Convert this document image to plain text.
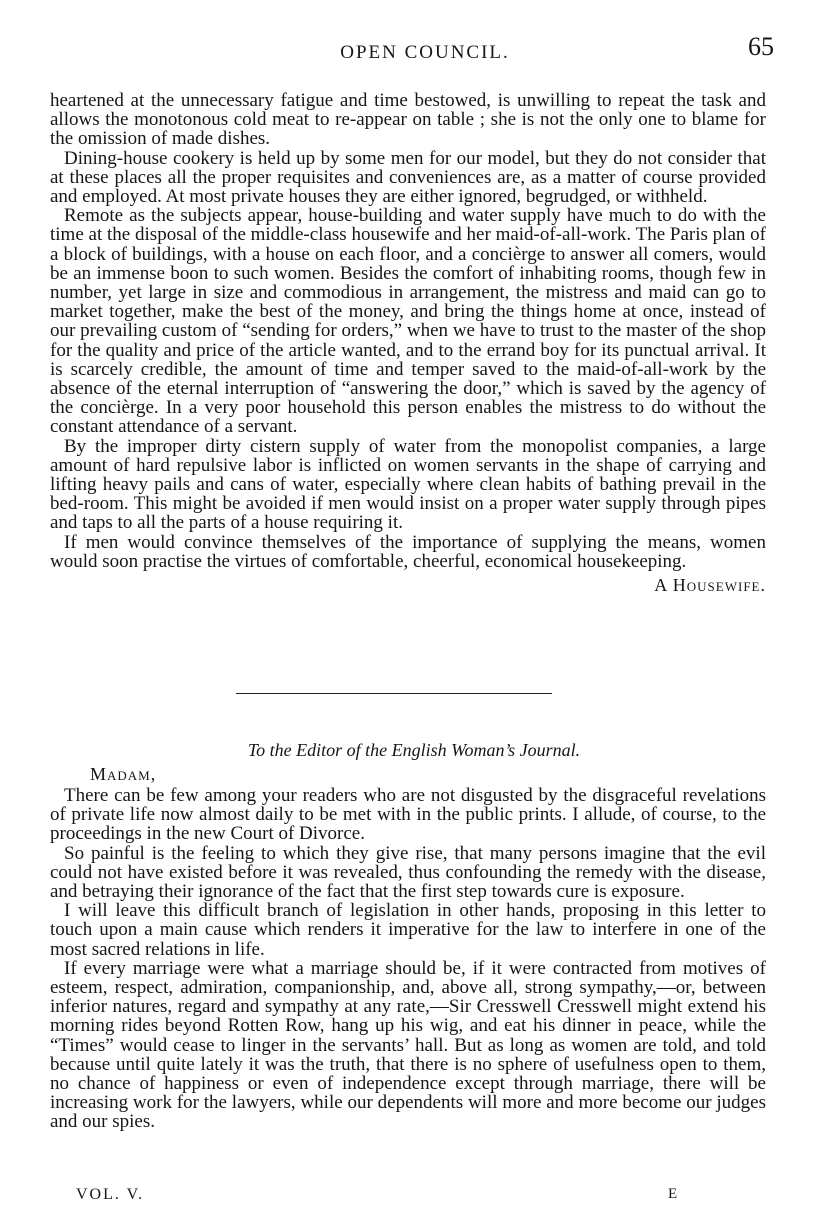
OPEN COUNCIL.	65

heartened at the unnecessary fatigue and time bestowed, is unwilling to repeat the task and allows the monotonous cold meat to re-appear on table ; she is not the only one to blame for the omission of made dishes.

Dining-house cookery is held up by some men for our model, but they do not consider that at these places all the proper requisites and conveniences are, as a matter of course provided and employed. At most private houses they are either ignored, begrudged, or withheld.

Remote as the subjects appear, house-building and water supply have much to do with the time at the disposal of the middle-class housewife and her maid-of-all-work. The Paris plan of a block of buildings, with a house on each floor, and a concièrge to answer all comers, would be an immense boon to such women. Besides the comfort of inhabiting rooms, though few in number, yet large in size and commodious in arrangement, the mistress and maid can go to market together, make the best of the money, and bring the things home at once, instead of our prevailing custom of “sending for orders,” when we have to trust to the master of the shop for the quality and price of the article wanted, and to the errand boy for its punctual arrival. It is scarcely credible, the amount of time and temper saved to the maid-of-all-work by the absence of the eternal interruption of “answering the door,” which is saved by the agency of the concièrge. In a very poor household this person enables the mistress to do without the constant attendance of a servant.

By the improper dirty cistern supply of water from the monopolist companies, a large amount of hard repulsive labor is inflicted on women servants in the shape of carrying and lifting heavy pails and cans of water, especially where clean habits of bathing prevail in the bed-room. This might be avoided if men would insist on a proper water supply through pipes and taps to all the parts of a house requiring it.

If men would convince themselves of the importance of supplying the means, women would soon practise the virtues of comfortable, cheerful, economical housekeeping.

A Housewife.

To the Editor of the English Woman’s Journal.
Madam,

There can be few among your readers who are not disgusted by the disgraceful revelations of private life now almost daily to be met with in the public prints. I allude, of course, to the proceedings in the new Court of Divorce.

So painful is the feeling to which they give rise, that many persons imagine that the evil could not have existed before it was revealed, thus confounding the remedy with the disease, and betraying their ignorance of the fact that the first step towards cure is exposure.

I will leave this difficult branch of legislation in other hands, proposing in this letter to touch upon a main cause which renders it imperative for the law to interfere in one of the most sacred relations in life.

If every marriage were what a marriage should be, if it were contracted from motives of esteem, respect, admiration, companionship, and, above all, strong sympathy,—or, between inferior natures, regard and sympathy at any rate,—Sir Cresswell Cresswell might extend his morning rides beyond Rotten Row, hang up his wig, and eat his dinner in peace, while the “Times” would cease to linger in the servants’ hall. But as long as women are told, and told because until quite lately it was the truth, that there is no sphere of usefulness open to them, no chance of happiness or even of independence except through marriage, there will be increasing work for the lawyers, while our dependents will more and more become our judges and our spies.

VOL. V.	E
